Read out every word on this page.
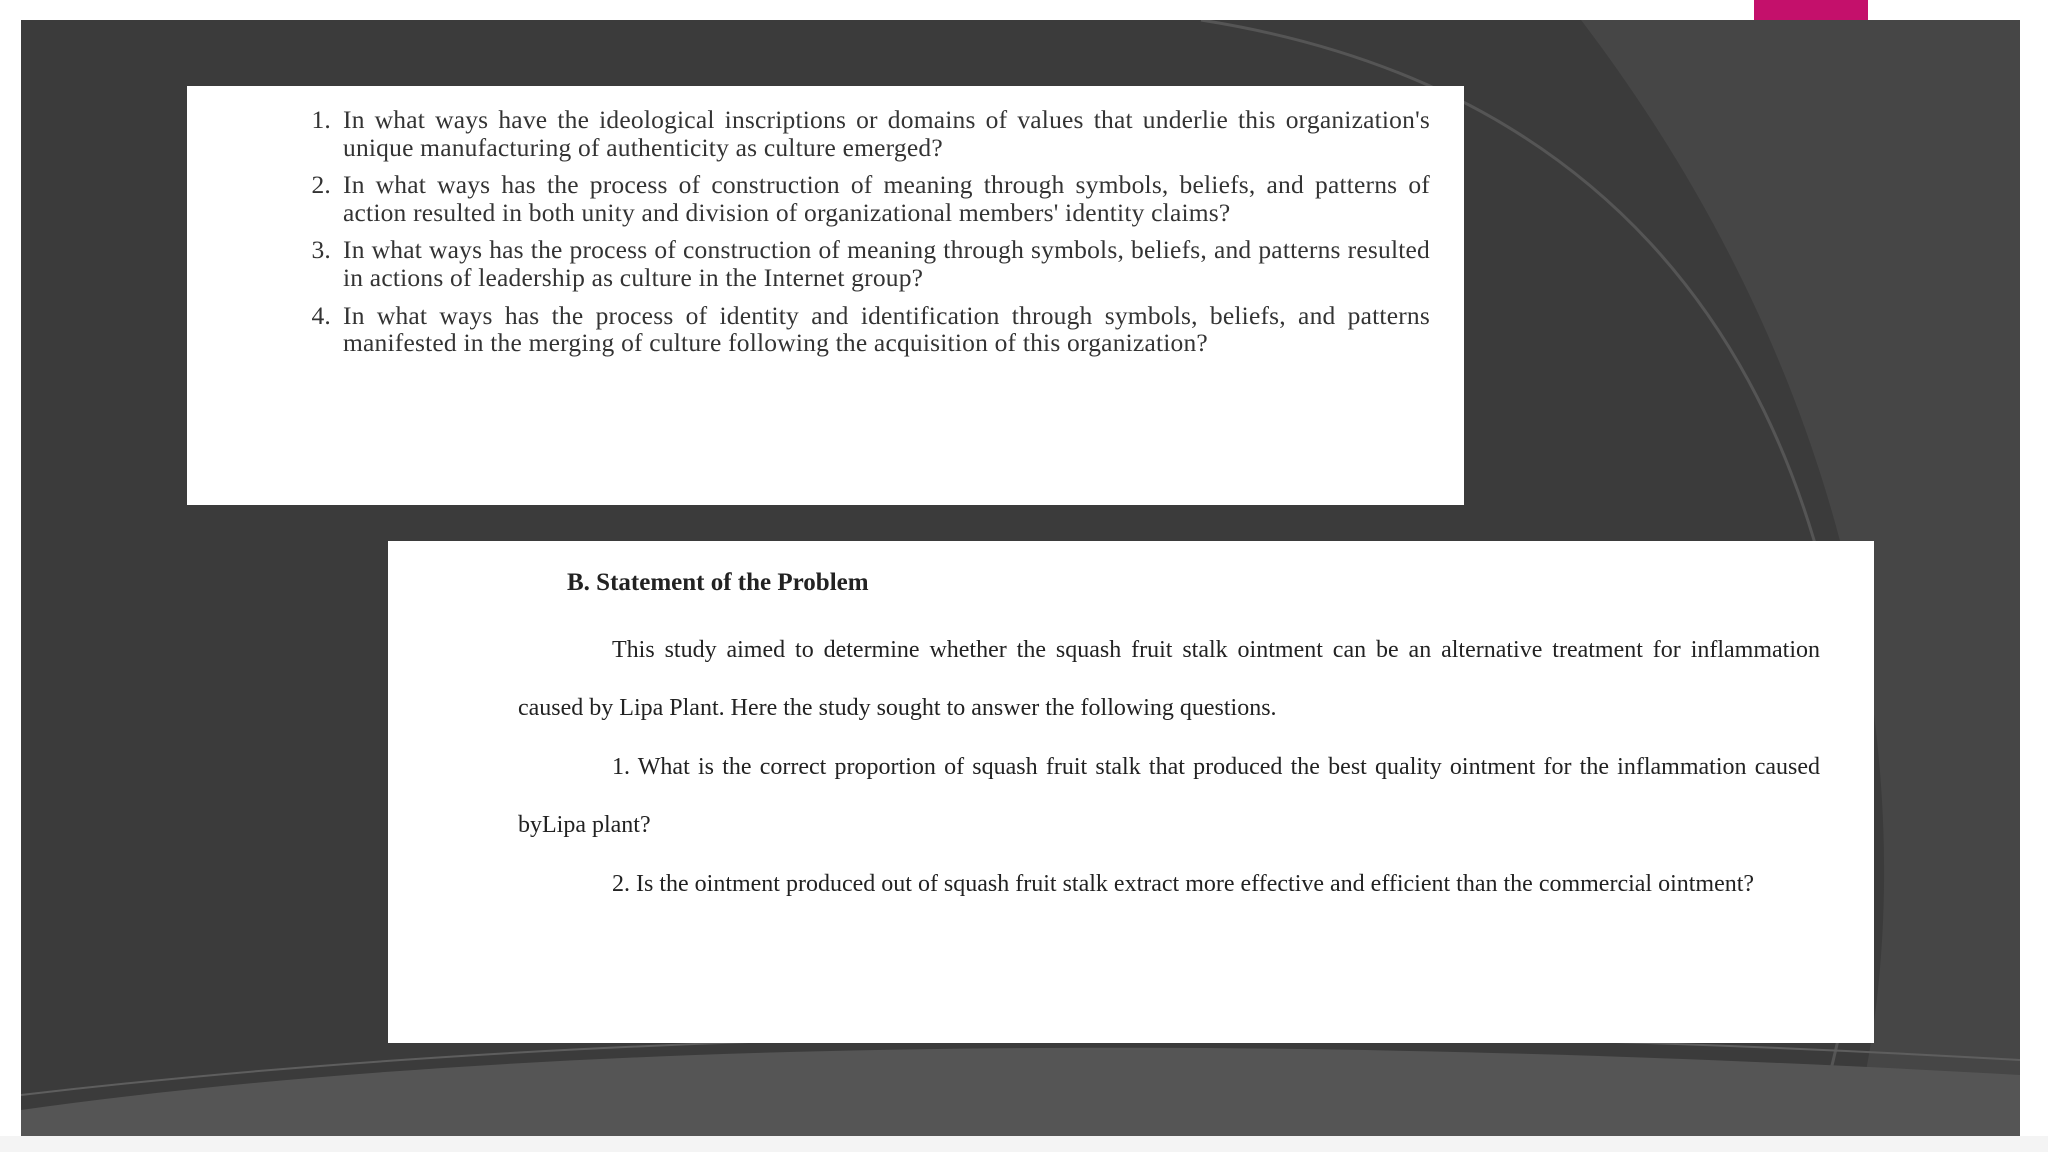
1. In what ways have the ideological inscriptions or domains of values that underlie this organization's unique manufacturing of authenticity as culture emerged?
2. In what ways has the process of construction of meaning through symbols, beliefs, and patterns of action resulted in both unity and division of organizational members' identity claims?
3. In what ways has the process of construction of meaning through symbols, beliefs, and patterns resulted in actions of leadership as culture in the Internet group?
4. In what ways has the process of identity and identification through symbols, beliefs, and patterns manifested in the merging of culture following the acquisition of this organization?
B. Statement of the Problem

This study aimed to determine whether the squash fruit stalk ointment can be an alternative treatment for inflammation caused by Lipa Plant. Here the study sought to answer the following questions.

1. What is the correct proportion of squash fruit stalk that produced the best quality ointment for the inflammation caused byLipa plant?

2. Is the ointment produced out of squash fruit stalk extract more effective and efficient than the commercial ointment?
